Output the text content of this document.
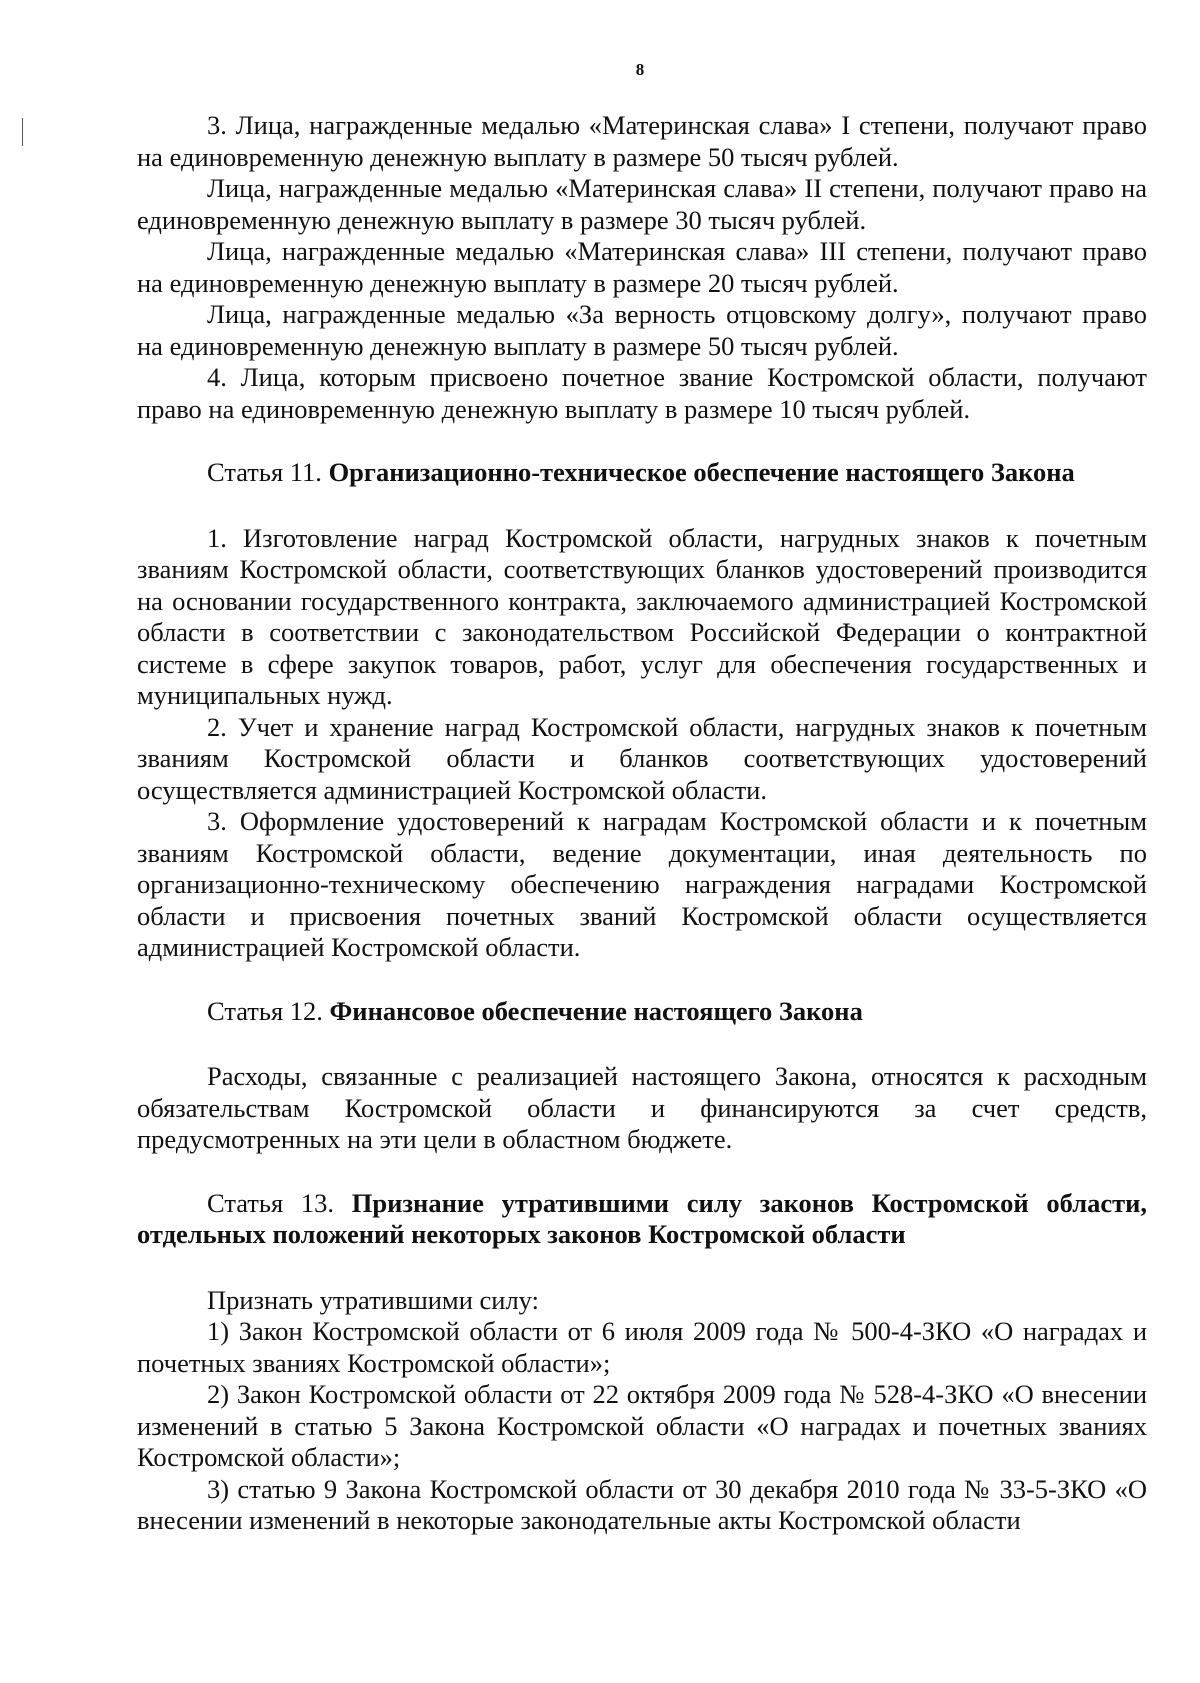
8

3. Лица, награжденные медалью «Материнская слава» I степени, получают право на единовременную денежную выплату в размере 50 тысяч рублей.

Лица, награжденные медалью «Материнская слава» II степени, получают право на единовременную денежную выплату в размере 30 тысяч рублей.

Лица, награжденные медалью «Материнская слава» III степени, получают право на единовременную денежную выплату в размере 20 тысяч рублей.

Лица, награжденные медалью «За верность отцовскому долгу», получают право на единовременную денежную выплату в размере 50 тысяч рублей.

4. Лица, которым присвоено почетное звание Костромской области, получают право на единовременную денежную выплату в размере 10 тысяч рублей.

Статья 11. Организационно-техническое обеспечение настоящего Закона

1. Изготовление наград Костромской области, нагрудных знаков к почетным званиям Костромской области, соответствующих бланков удостоверений производится на основании государственного контракта, заключаемого администрацией Костромской области в соответствии с законодательством Российской Федерации о контрактной системе в сфере закупок товаров, работ, услуг для обеспечения государственных и муниципальных нужд.

2. Учет и хранение наград Костромской области, нагрудных знаков к почетным званиям Костромской области и бланков соответствующих удостоверений осуществляется администрацией Костромской области.

3. Оформление удостоверений к наградам Костромской области и к почетным званиям Костромской области, ведение документации, иная деятельность по организационно-техническому обеспечению награждения наградами Костромской области и присвоения почетных званий Костромской области осуществляется администрацией Костромской области.

Статья 12. Финансовое обеспечение настоящего Закона

Расходы, связанные с реализацией настоящего Закона, относятся к расходным обязательствам Костромской области и финансируются за счет средств, предусмотренных на эти цели в областном бюджете.

Статья 13. Признание утратившими силу законов Костромской области, отдельных положений некоторых законов Костромской области

Признать утратившими силу:

1) Закон Костромской области от 6 июля 2009 года № 500-4-ЗКО «О наградах и почетных званиях Костромской области»;

2) Закон Костромской области от 22 октября 2009 года № 528-4-ЗКО «О внесении изменений в статью 5 Закона Костромской области «О наградах и почетных званиях Костромской области»;

3) статью 9 Закона Костромской области от 30 декабря 2010 года № 33-5-ЗКО «О внесении изменений в некоторые законодательные акты Костромской области
